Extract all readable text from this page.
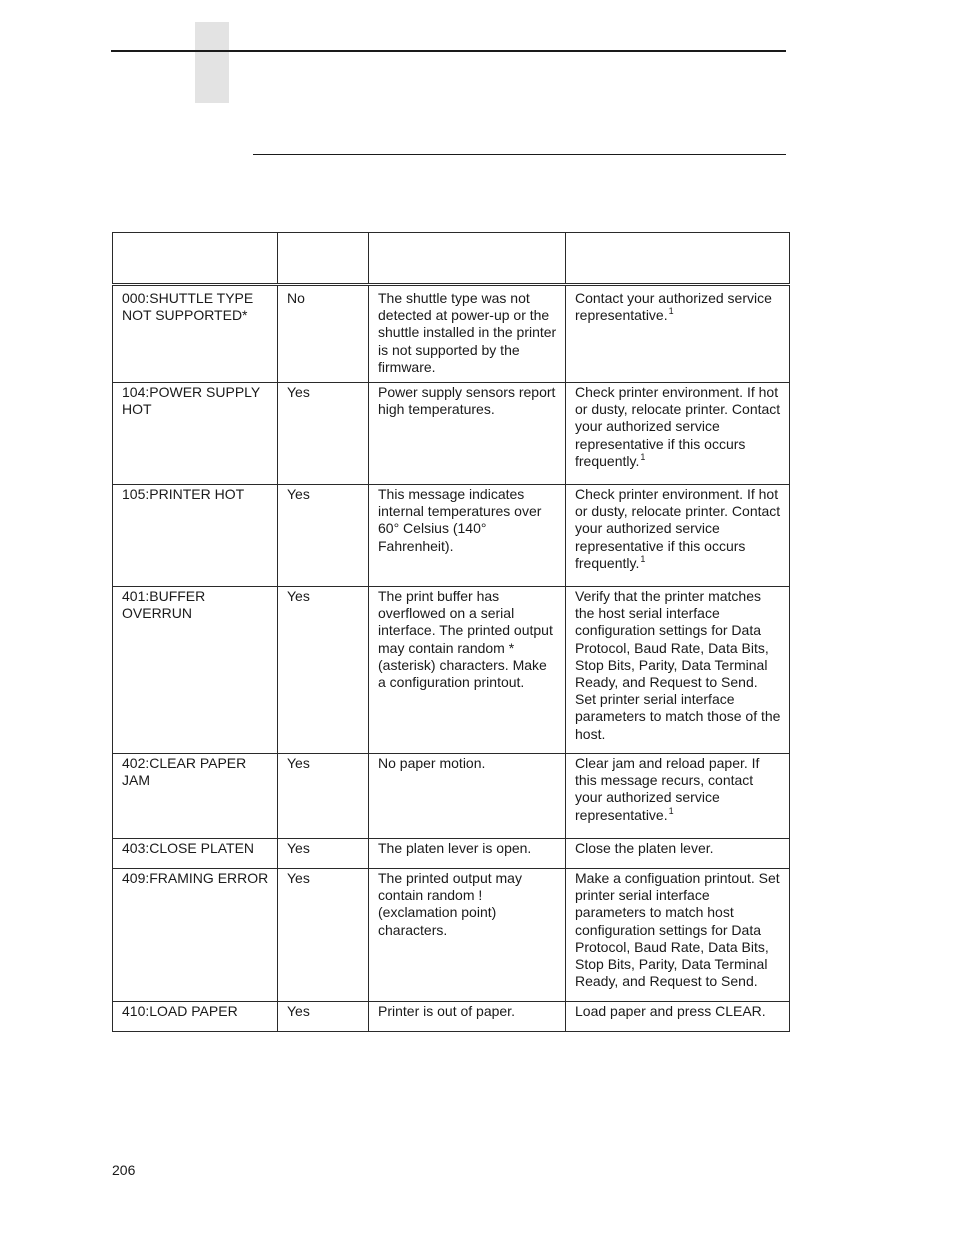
000:SHUTTLE TYPE NOT SUPPORTED*	No	The shuttle type was not detected at power-up or the shuttle installed in the printer is not supported by the firmware.	Contact your authorized service representative.$^1$
104:POWER SUPPLY HOT	Yes	Power supply sensors report high temperatures.	Check printer environment. If hot or dusty, relocate printer. Contact your authorized service representative if this occurs frequently.$^1$
105:PRINTER HOT	Yes	This message indicates internal temperatures over 60° Celsius (140° Fahrenheit).	Check printer environment. If hot or dusty, relocate printer. Contact your authorized service representative if this occurs frequently.$^1$
401:BUFFER OVERRUN	Yes	The print buffer has overflowed on a serial interface. The printed output may contain random * (asterisk) characters. Make a configuration printout.	Verify that the printer matches the host serial interface configuration settings for Data Protocol, Baud Rate, Data Bits, Stop Bits, Parity, Data Terminal Ready, and Request to Send. Set printer serial interface parameters to match those of the host.
402:CLEAR PAPER JAM	Yes	No paper motion.	Clear jam and reload paper. If this message recurs, contact your authorized service representative.$^1$
403:CLOSE PLATEN	Yes	The platen lever is open.	Close the platen lever.
409:FRAMING ERROR	Yes	The printed output may contain random ! (exclamation point) characters.	Make a configuation printout. Set printer serial interface parameters to match host configuration settings for Data Protocol, Baud Rate, Data Bits, Stop Bits, Parity, Data Terminal Ready, and Request to Send.
410:LOAD PAPER	Yes	Printer is out of paper.	Load paper and press CLEAR.
206
